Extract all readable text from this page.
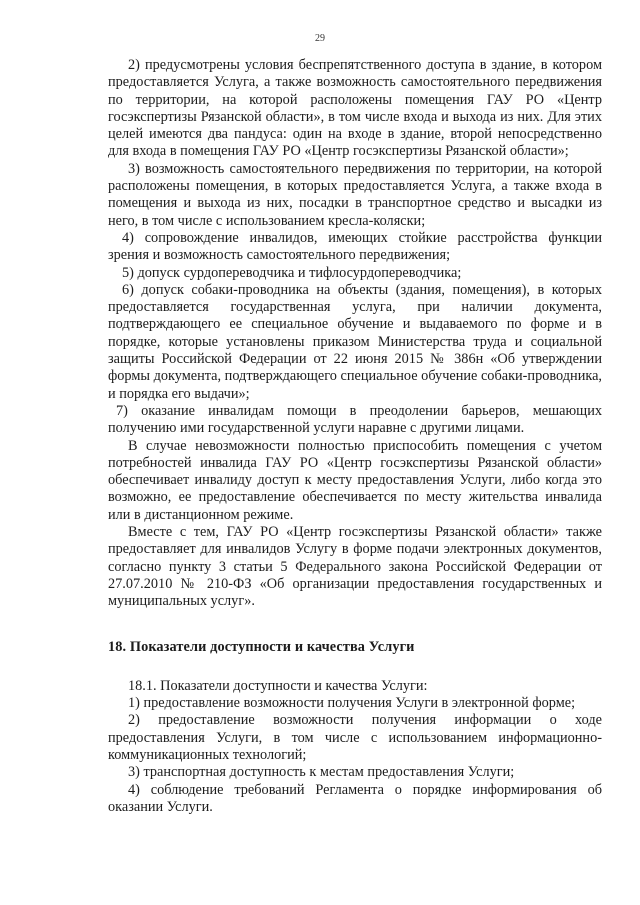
29

2) предусмотрены условия беспрепятственного доступа в здание, в котором предоставляется Услуга, а также возможность самостоятельного передвижения по территории, на которой расположены помещения ГАУ РО «Центр госэкспертизы Рязанской области», в том числе входа и выхода из них. Для этих целей имеются два пандуса: один на входе в здание, второй непосредственно для входа в помещения ГАУ РО «Центр госэкспертизы Рязанской области»;

3) возможность самостоятельного передвижения по территории, на которой расположены помещения, в которых предоставляется Услуга, а также входа в помещения и выхода из них, посадки в транспортное средство и высадки из него, в том числе с использованием кресла-коляски;

4) сопровождение инвалидов, имеющих стойкие расстройства функции зрения и возможность самостоятельного передвижения;

5) допуск сурдопереводчика и тифлосурдопереводчика;

6) допуск собаки-проводника на объекты (здания, помещения), в которых предоставляется государственная услуга, при наличии документа, подтверждающего ее специальное обучение и выдаваемого по форме и в порядке, которые установлены приказом Министерства труда и социальной защиты Российской Федерации от 22 июня 2015 № 386н «Об утверждении формы документа, подтверждающего специальное обучение собаки-проводника, и порядка его выдачи»;

7) оказание инвалидам помощи в преодолении барьеров, мешающих получению ими государственной услуги наравне с другими лицами.

В случае невозможности полностью приспособить помещения с учетом потребностей инвалида ГАУ РО «Центр госэкспертизы Рязанской области» обеспечивает инвалиду доступ к месту предоставления Услуги, либо когда это возможно, ее предоставление обеспечивается по месту жительства инвалида или в дистанционном режиме.

Вместе с тем, ГАУ РО «Центр госэкспертизы Рязанской области» также предоставляет для инвалидов Услугу в форме подачи электронных документов, согласно пункту 3 статьи 5 Федерального закона Российской Федерации от 27.07.2010 № 210-ФЗ «Об организации предоставления государственных и муниципальных услуг».

18. Показатели доступности и качества Услуги

18.1. Показатели доступности и качества Услуги:

1) предоставление возможности получения Услуги в электронной форме;

2) предоставление возможности получения информации о ходе предоставления Услуги, в том числе с использованием информационно-коммуникационных технологий;

3) транспортная доступность к местам предоставления Услуги;

4) соблюдение требований Регламента о порядке информирования об оказании Услуги.
